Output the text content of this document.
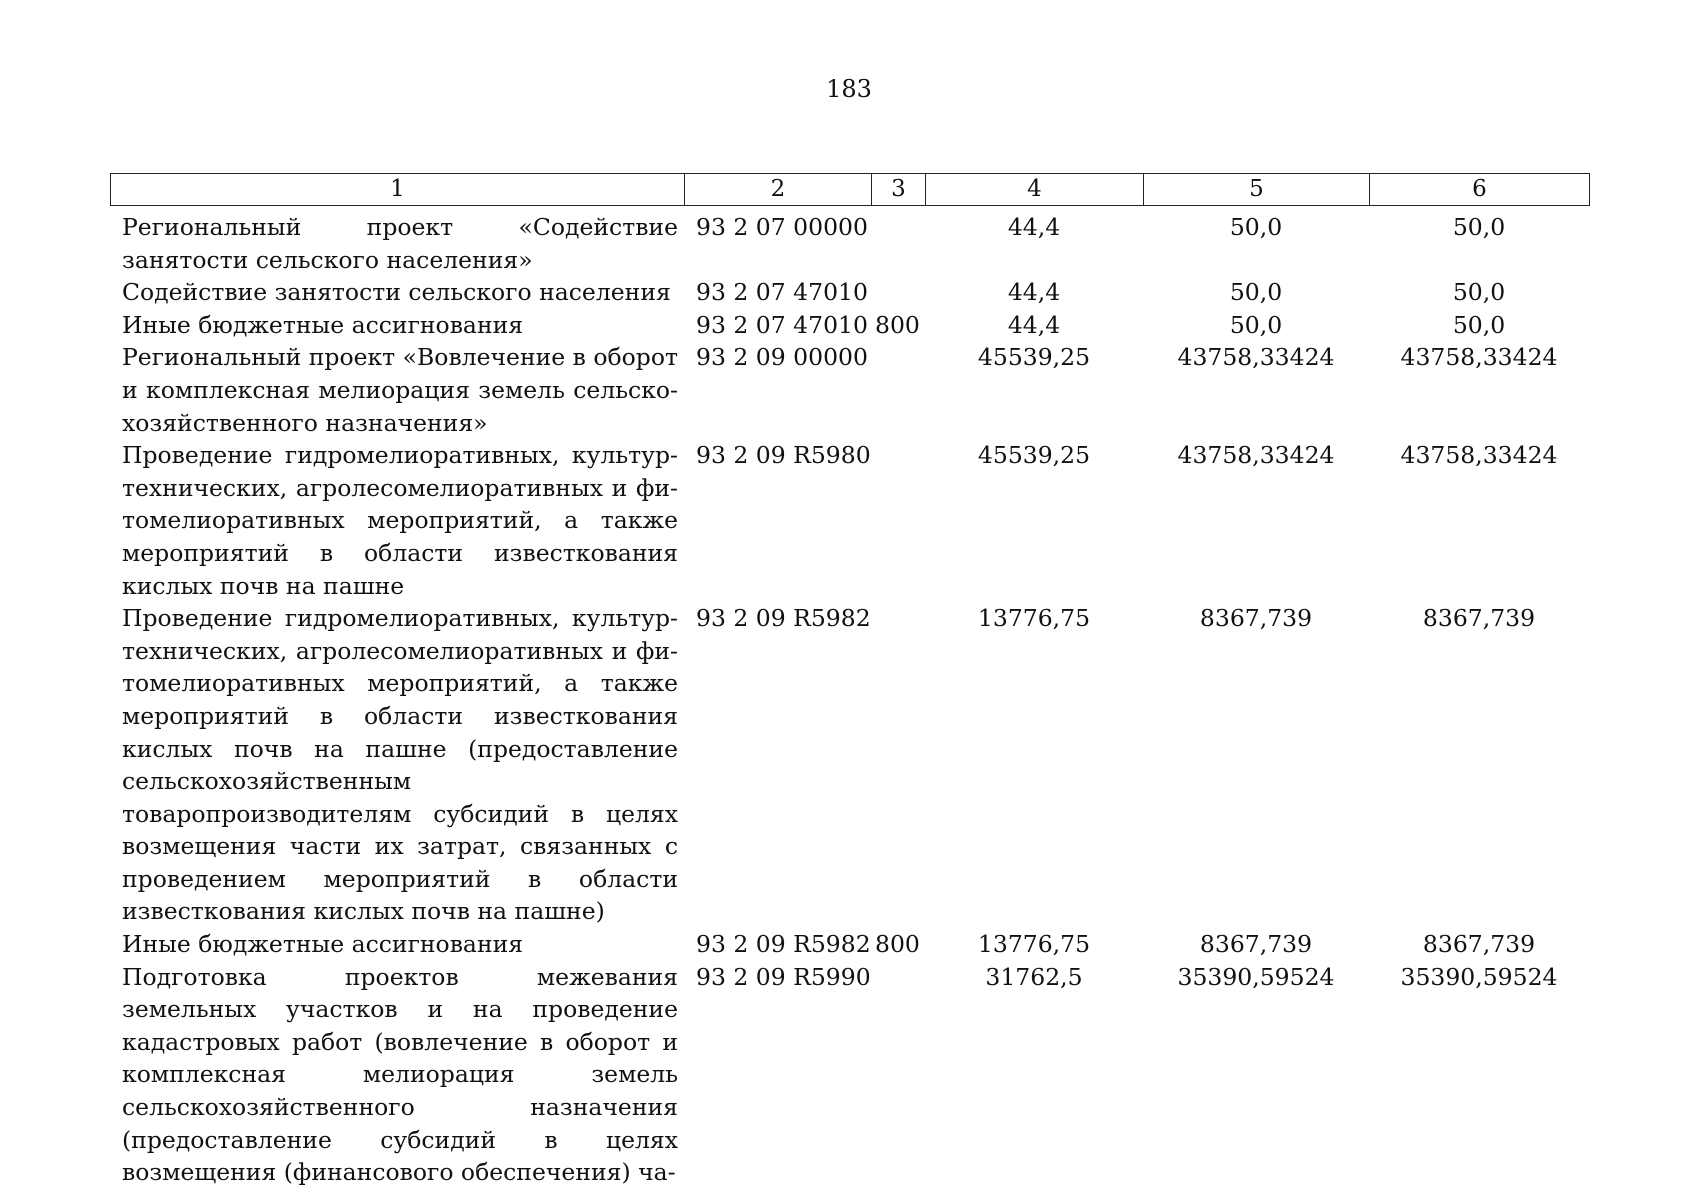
183
1	2	3	4	5	6
Региональный проект «Содействие занятости сельского населения»	93 2 07 00000		44,4	50,0	50,0
Содействие занятости сельского населения	93 2 07 47010		44,4	50,0	50,0
Иные бюджетные ассигнования	93 2 07 47010	800	44,4	50,0	50,0
Региональный проект «Вовлечение в оборот и комплексная мелиорация земель сельскохозяйственного назначения»	93 2 09 00000		45539,25	43758,33424	43758,33424
Проведение гидромелиоративных, культуртехнических, агролесомелиоративных и фитомелиоративных мероприятий, а также мероприятий в области известкования кислых почв на пашне	93 2 09 R5980		45539,25	43758,33424	43758,33424
Проведение гидромелиоративных, культуртехнических, агролесомелиоративных и фитомелиоративных мероприятий, а также мероприятий в области известкования кислых почв на пашне (предоставление сельскохозяйственным товаропроизводителям субсидий в целях возмещения части их затрат, связанных с проведением мероприятий в области известкования кислых почв на пашне)	93 2 09 R5982		13776,75	8367,739	8367,739
Иные бюджетные ассигнования	93 2 09 R5982	800	13776,75	8367,739	8367,739
Подготовка проектов межевания земельных участков и на проведение кадастровых работ (вовлечение в оборот и комплексная мелиорация земель сельскохозяйственного назначения (предоставление субсидий в целях возмещения (финансового обеспечения) ча-	93 2 09 R5990		31762,5	35390,59524	35390,59524
